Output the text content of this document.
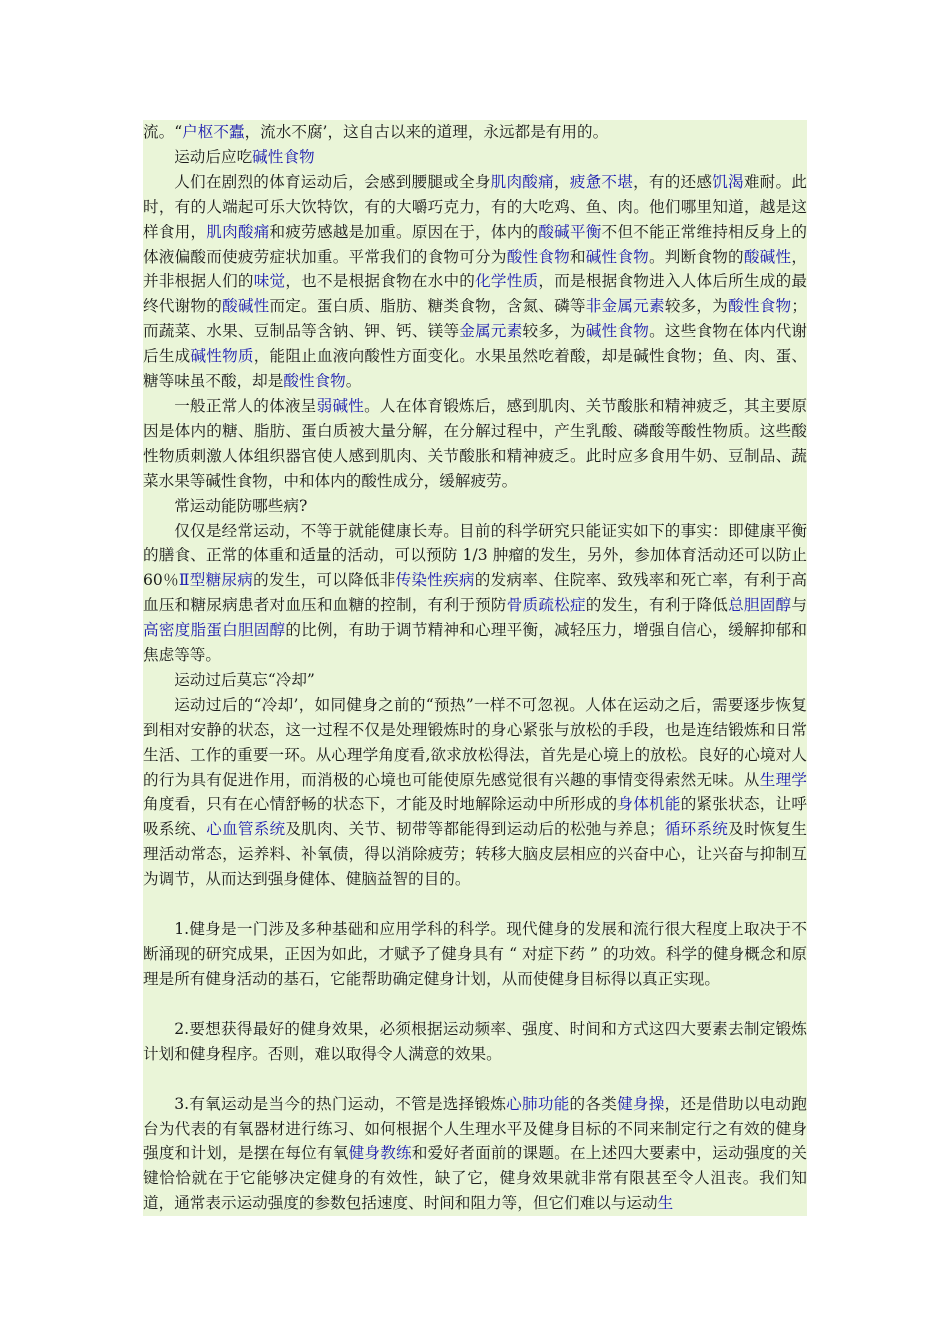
流。“户枢不蠹，流水不腐’，这自古以来的道理，永远都是有用的。

运动后应吃碱性食物

人们在剧烈的体育运动后，会感到腰腿或全身肌肉酸痛，疲惫不堪，有的还感饥渴难耐。此时，有的人端起可乐大饮特饮，有的大嚼巧克力，有的大吃鸡、鱼、肉。他们哪里知道，越是这样食用，肌肉酸痛和疲劳感越是加重。原因在于，体内的酸碱平衡不但不能正常维持相反身上的体液偏酸而使疲劳症状加重。平常我们的食物可分为酸性食物和碱性食物。判断食物的酸碱性，并非根据人们的味觉，也不是根据食物在水中的化学性质，而是根据食物进入人体后所生成的最终代谢物的酸碱性而定。蛋白质、脂肪、糖类食物，含氮、磷等非金属元素较多，为酸性食物；而蔬菜、水果、豆制品等含钠、钾、钙、镁等金属元素较多，为碱性食物。这些食物在体内代谢后生成碱性物质，能阻止血液向酸性方面变化。水果虽然吃着酸，却是碱性食物；鱼、肉、蛋、糖等味虽不酸，却是酸性食物。

一般正常人的体液呈弱碱性。人在体育锻炼后，感到肌肉、关节酸胀和精神疲乏，其主要原因是体内的糖、脂肪、蛋白质被大量分解，在分解过程中，产生乳酸、磷酸等酸性物质。这些酸性物质刺激人体组织器官使人感到肌肉、关节酸胀和精神疲乏。此时应多食用牛奶、豆制品、蔬菜水果等碱性食物，中和体内的酸性成分，缓解疲劳。

常运动能防哪些病?

仅仅是经常运动，不等于就能健康长寿。目前的科学研究只能证实如下的事实：即健康平衡的膳食、正常的体重和适量的活动，可以预防 1/3 肿瘤的发生，另外，参加体育活动还可以防止 60％Ⅱ型糖尿病的发生，可以降低非传染性疾病的发病率、住院率、致残率和死亡率，有利于高血压和糖尿病患者对血压和血糖的控制，有利于预防骨质疏松症的发生，有利于降低总胆固醇与高密度脂蛋白胆固醇的比例，有助于调节精神和心理平衡，减轻压力，增强自信心，缓解抑郁和焦虑等等。

运动过后莫忘“冷却”

运动过后的“冷却’，如同健身之前的“预热”一样不可忽视。人体在运动之后，需要逐步恢复到相对安静的状态，这一过程不仅是处理锻炼时的身心紧张与放松的手段，也是连结锻炼和日常生活、工作的重要一环。从心理学角度看,欲求放松得法，首先是心境上的放松。良好的心境对人的行为具有促进作用，而消极的心境也可能使原先感觉很有兴趣的事情变得索然无味。从生理学角度看，只有在心情舒畅的状态下，才能及时地解除运动中所形成的身体机能的紧张状态，让呼吸系统、心血管系统及肌肉、关节、韧带等都能得到运动后的松弛与养息；循环系统及时恢复生理活动常态，运养料、补氧债，得以消除疲劳；转移大脑皮层相应的兴奋中心，让兴奋与抑制互为调节，从而达到强身健体、健脑益智的目的。

1.健身是一门涉及多种基础和应用学科的科学。现代健身的发展和流行很大程度上取决于不断涌现的研究成果，正因为如此，才赋予了健身具有 “ 对症下药 ” 的功效。科学的健身概念和原理是所有健身活动的基石，它能帮助确定健身计划，从而使健身目标得以真正实现。

2.要想获得最好的健身效果，必须根据运动频率、强度、时间和方式这四大要素去制定锻炼计划和健身程序。否则，难以取得令人满意的效果。

3.有氧运动是当今的热门运动，不管是选择锻炼心肺功能的各类健身操，还是借助以电动跑台为代表的有氧器材进行练习、如何根据个人生理水平及健身目标的不同来制定行之有效的健身强度和计划，是摆在每位有氧健身教练和爱好者面前的课题。在上述四大要素中，运动强度的关键恰恰就在于它能够决定健身的有效性，缺了它，健身效果就非常有限甚至令人沮丧。我们知道，通常表示运动强度的参数包括速度、时间和阻力等，但它们难以与运动生
